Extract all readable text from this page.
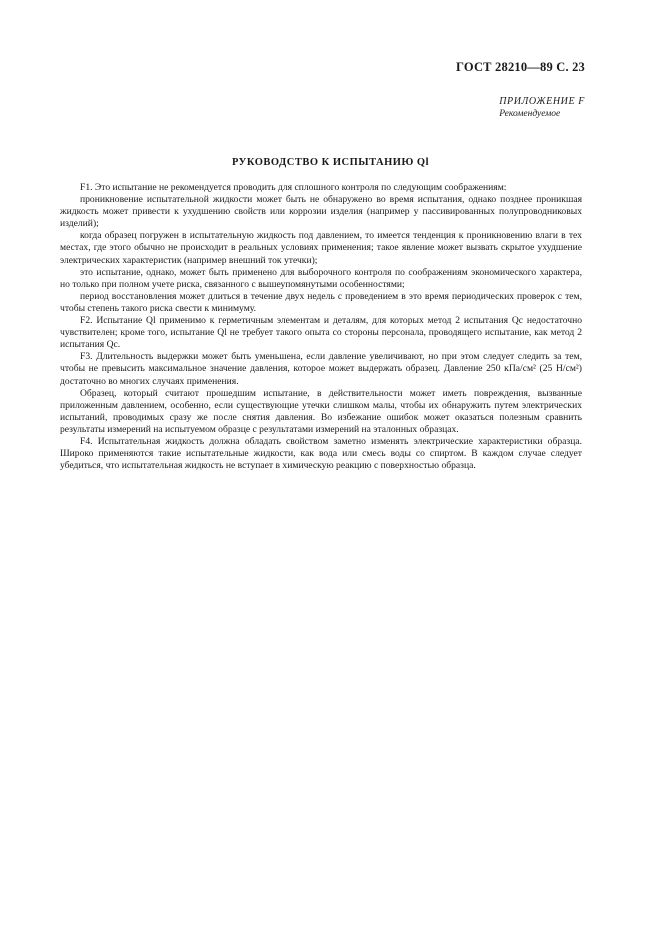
ГОСТ 28210—89 С. 23
ПРИЛОЖЕНИЕ F
Рекомендуемое
РУКОВОДСТВО К ИСПЫТАНИЮ Ql

F1. Это испытание не рекомендуется проводить для сплошного контроля по следующим соображениям:

проникновение испытательной жидкости может быть не обнаружено во время испытания, однако позднее проникшая жидкость может привести к ухудшению свойств или коррозии изделия (например у пассивированных полупроводниковых изделий);

когда образец погружен в испытательную жидкость под давлением, то имеется тенденция к проникновению влаги в тех местах, где этого обычно не происходит в реальных условиях применения; такое явление может вызвать скрытое ухудшение электрических характеристик (например внешний ток утечки);

это испытание, однако, может быть применено для выборочного контроля по соображениям экономического характера, но только при полном учете риска, связанного с вышеупомянутыми особенностями;

период восстановления может длиться в течение двух недель с проведением в это время периодических проверок с тем, чтобы степень такого риска свести к минимуму.

F2. Испытание Ql применимо к герметичным элементам и деталям, для которых метод 2 испытания Qc недостаточно чувствителен; кроме того, испытание Ql не требует такого опыта со стороны персонала, проводящего испытание, как метод 2 испытания Qc.

F3. Длительность выдержки может быть уменьшена, если давление увеличивают, но при этом следует следить за тем, чтобы не превысить максимальное значение давления, которое может выдержать образец. Давление 250 кПа/см² (25 Н/см²) достаточно во многих случаях применения.

Образец, который считают прошедшим испытание, в действительности может иметь повреждения, вызванные приложенным давлением, особенно, если существующие утечки слишком малы, чтобы их обнаружить путем электрических испытаний, проводимых сразу же после снятия давления. Во избежание ошибок может оказаться полезным сравнить результаты измерений на испытуемом образце с результатами измерений на эталонных образцах.

F4. Испытательная жидкость должна обладать свойством заметно изменять электрические характеристики образца. Широко применяются такие испытательные жидкости, как вода или смесь воды со спиртом. В каждом случае следует убедиться, что испытательная жидкость не вступает в химическую реакцию с поверхностью образца.
